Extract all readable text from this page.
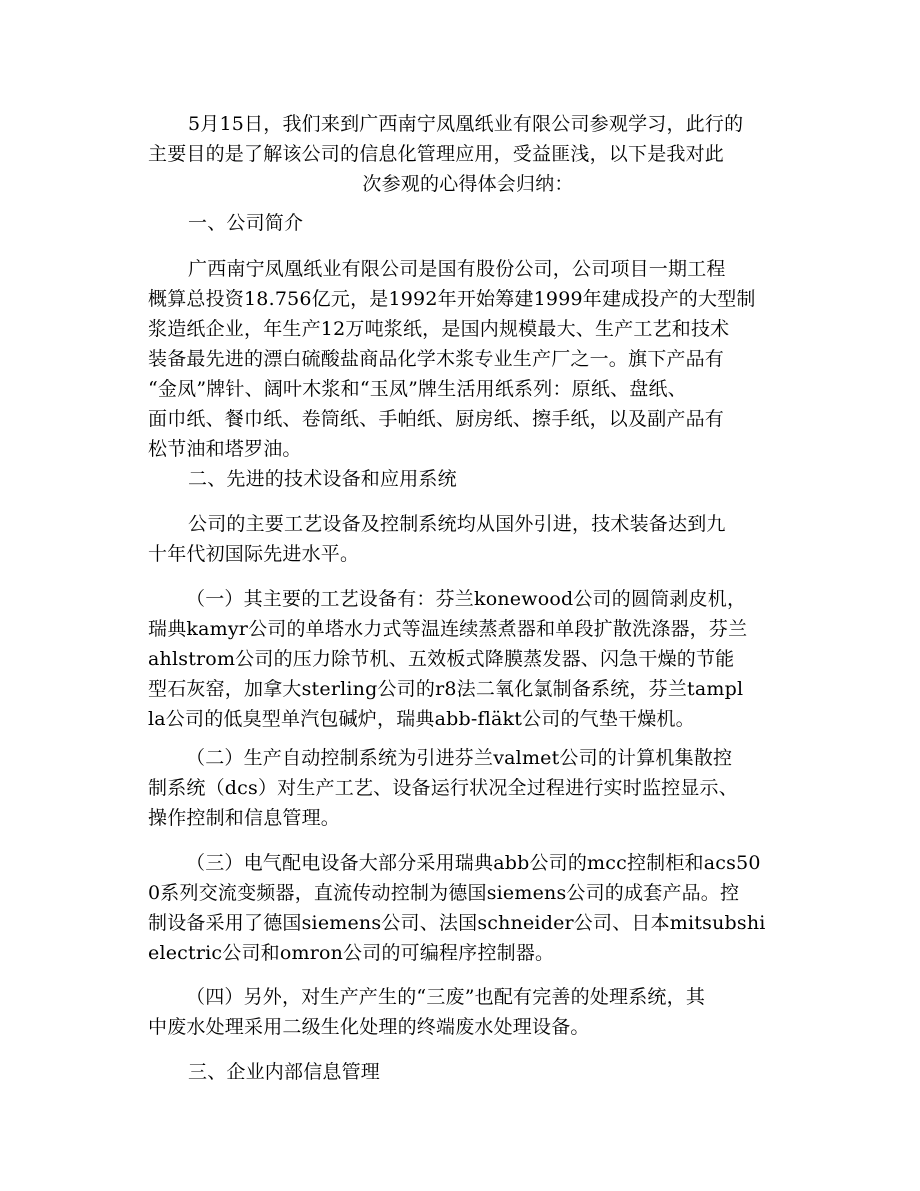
5月15日，我们来到广西南宁凤凰纸业有限公司参观学习，此行的
主要目的是了解该公司的信息化管理应用，受益匪浅，以下是我对此
次参观的心得体会归纳：
一、公司简介
广西南宁凤凰纸业有限公司是国有股份公司，公司项目一期工程
概算总投资18.756亿元，是1992年开始筹建1999年建成投产的大型制
浆造纸企业，年生产12万吨浆纸，是国内规模最大、生产工艺和技术
装备最先进的漂白硫酸盐商品化学木浆专业生产厂之一。旗下产品有
“金凤”牌针、阔叶木浆和“玉凤”牌生活用纸系列：原纸、盘纸、
面巾纸、餐巾纸、卷筒纸、手帕纸、厨房纸、擦手纸，以及副产品有
松节油和塔罗油。
二、先进的技术设备和应用系统
公司的主要工艺设备及控制系统均从国外引进，技术装备达到九
十年代初国际先进水平。
（一）其主要的工艺设备有：芬兰konewood公司的圆筒剥皮机，
瑞典kamyr公司的单塔水力式等温连续蒸煮器和单段扩散洗涤器，芬兰
ahlstrom公司的压力除节机、五效板式降膜蒸发器、闪急干燥的节能
型石灰窑，加拿大sterling公司的r8法二氧化氯制备系统，芬兰tampl
la公司的低臭型单汽包碱炉，瑞典abb-fläkt公司的气垫干燥机。
（二）生产自动控制系统为引进芬兰valmet公司的计算机集散控
制系统（dcs）对生产工艺、设备运行状况全过程进行实时监控显示、
操作控制和信息管理。
（三）电气配电设备大部分采用瑞典abb公司的mcc控制柜和acs50
0系列交流变频器，直流传动控制为德国siemens公司的成套产品。控
制设备采用了德国siemens公司、法国schneider公司、日本mitsubshi
electric公司和omron公司的可编程序控制器。
（四）另外，对生产产生的“三废”也配有完善的处理系统，其
中废水处理采用二级生化处理的终端废水处理设备。
三、企业内部信息管理
